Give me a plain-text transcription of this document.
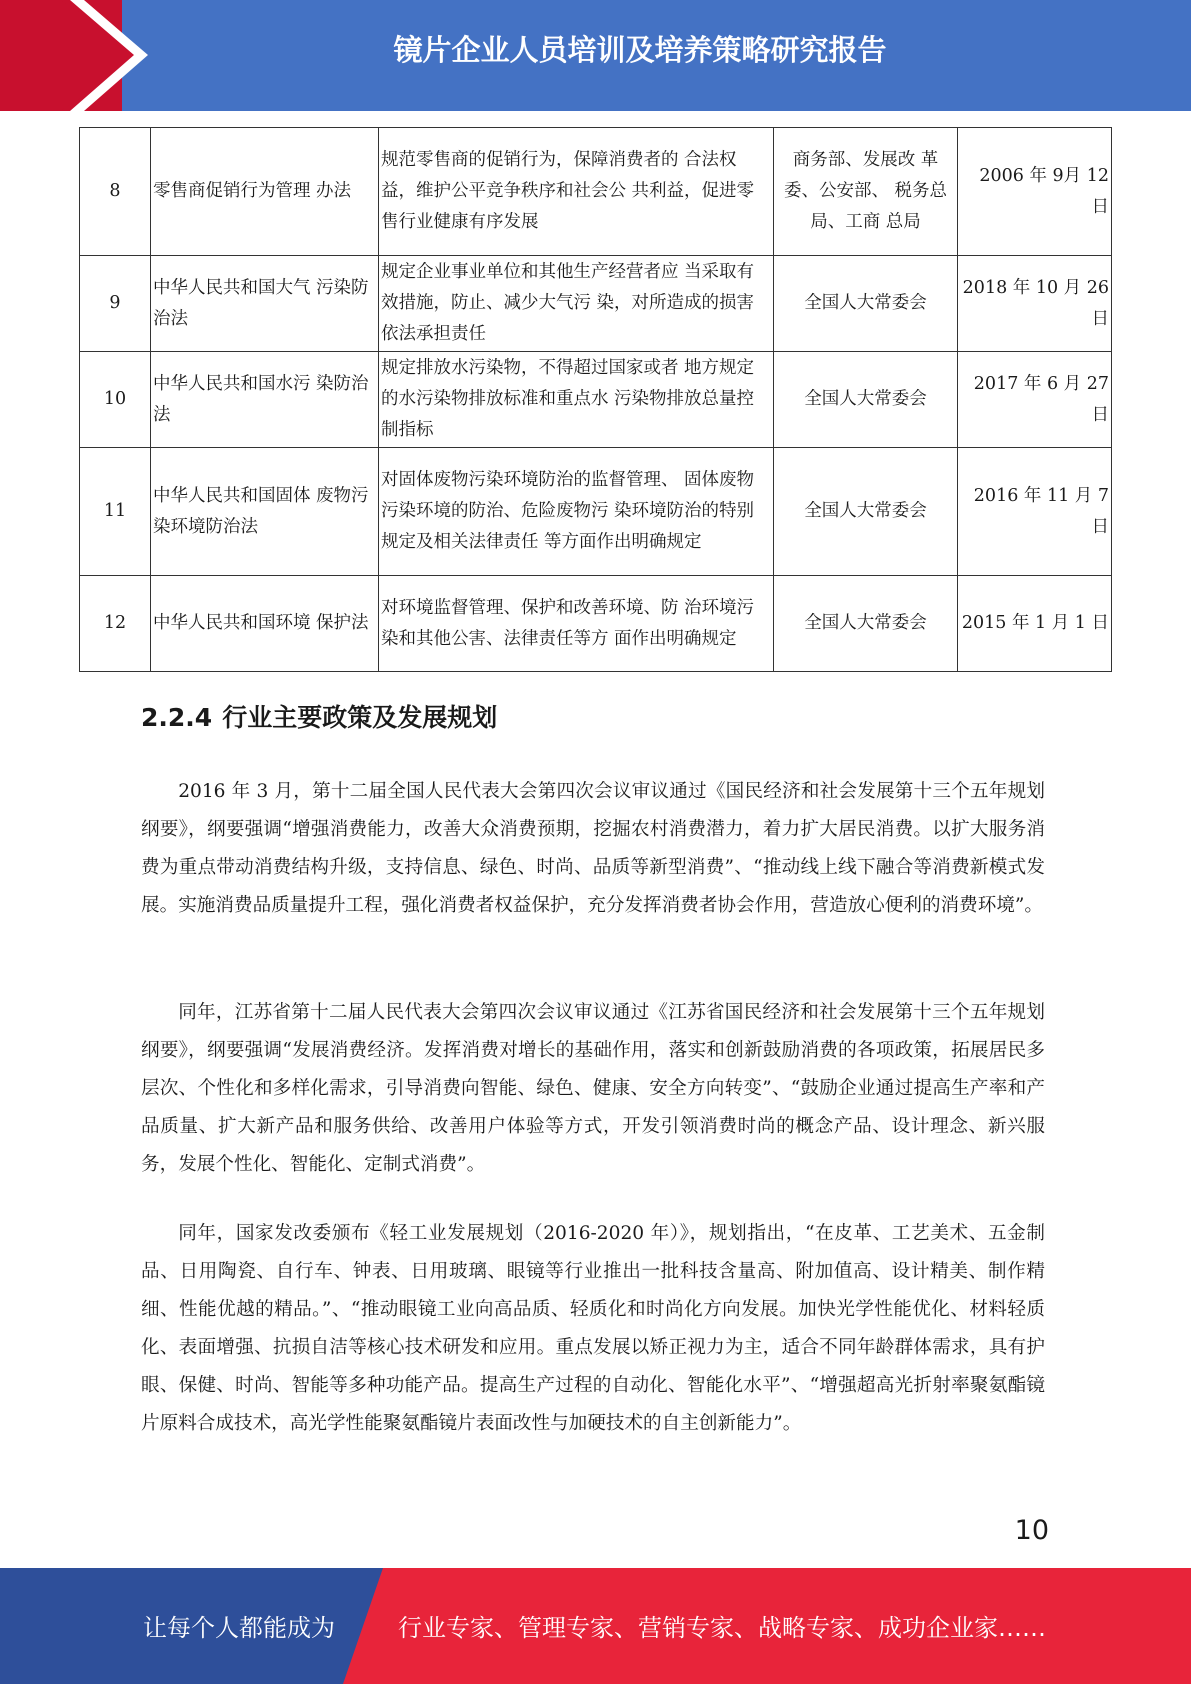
镜片企业人员培训及培养策略研究报告
8	零售商促销行为管理 办法	规范零售商的促销行为，保障消费者的 合法权益，维护公平竞争秩序和社会公 共利益，促进零售行业健康有序发展	商务部、发展改 革委、公安部、 税务总局、工商 总局	2006 年 9月 12 日
9	中华人民共和国大气 污染防治法	规定企业事业单位和其他生产经营者应 当采取有效措施，防止、减少大气污 染，对所造成的损害依法承担责任	全国人大常委会	2018 年 10 月 26 日
10	中华人民共和国水污 染防治法	规定排放水污染物，不得超过国家或者 地方规定的水污染物排放标准和重点水 污染物排放总量控制指标	全国人大常委会	2017 年 6 月 27 日
11	中华人民共和国固体 废物污染环境防治法	对固体废物污染环境防治的监督管理、 固体废物污染环境的防治、危险废物污 染环境防治的特别规定及相关法律责任 等方面作出明确规定	全国人大常委会	2016 年 11 月 7 日
12	中华人民共和国环境 保护法	对环境监督管理、保护和改善环境、防 治环境污染和其他公害、法律责任等方 面作出明确规定	全国人大常委会	2015 年 1 月 1 日
2.2.4 行业主要政策及发展规划

2016 年 3 月，第十二届全国人民代表大会第四次会议审议通过《国民经济和社会发展第十三个五年规划纲要》，纲要强调“增强消费能力，改善大众消费预期，挖掘农村消费潜力，着力扩大居民消费。以扩大服务消费为重点带动消费结构升级，支持信息、绿色、时尚、品质等新型消费”、“推动线上线下融合等消费新模式发展。实施消费品质量提升工程，强化消费者权益保护，充分发挥消费者协会作用，营造放心便利的消费环境”。

同年，江苏省第十二届人民代表大会第四次会议审议通过《江苏省国民经济和社会发展第十三个五年规划纲要》，纲要强调“发展消费经济。发挥消费对增长的基础作用，落实和创新鼓励消费的各项政策，拓展居民多层次、个性化和多样化需求，引导消费向智能、绿色、健康、安全方向转变”、“鼓励企业通过提高生产率和产品质量、扩大新产品和服务供给、改善用户体验等方式，开发引领消费时尚的概念产品、设计理念、新兴服务，发展个性化、智能化、定制式消费”。

同年，国家发改委颁布《轻工业发展规划（2016-2020 年）》，规划指出，“在皮革、工艺美术、五金制品、日用陶瓷、自行车、钟表、日用玻璃、眼镜等行业推出一批科技含量高、附加值高、设计精美、制作精细、性能优越的精品。”、“推动眼镜工业向高品质、轻质化和时尚化方向发展。加快光学性能优化、材料轻质化、表面增强、抗损自洁等核心技术研发和应用。重点发展以矫正视力为主，适合不同年龄群体需求，具有护眼、保健、时尚、智能等多种功能产品。提高生产过程的自动化、智能化水平”、“增强超高光折射率聚氨酯镜片原料合成技术，高光学性能聚氨酯镜片表面改性与加硬技术的自主创新能力”。

10
让每个人都能成为	行业专家、管理专家、营销专家、战略专家、成功企业家……
